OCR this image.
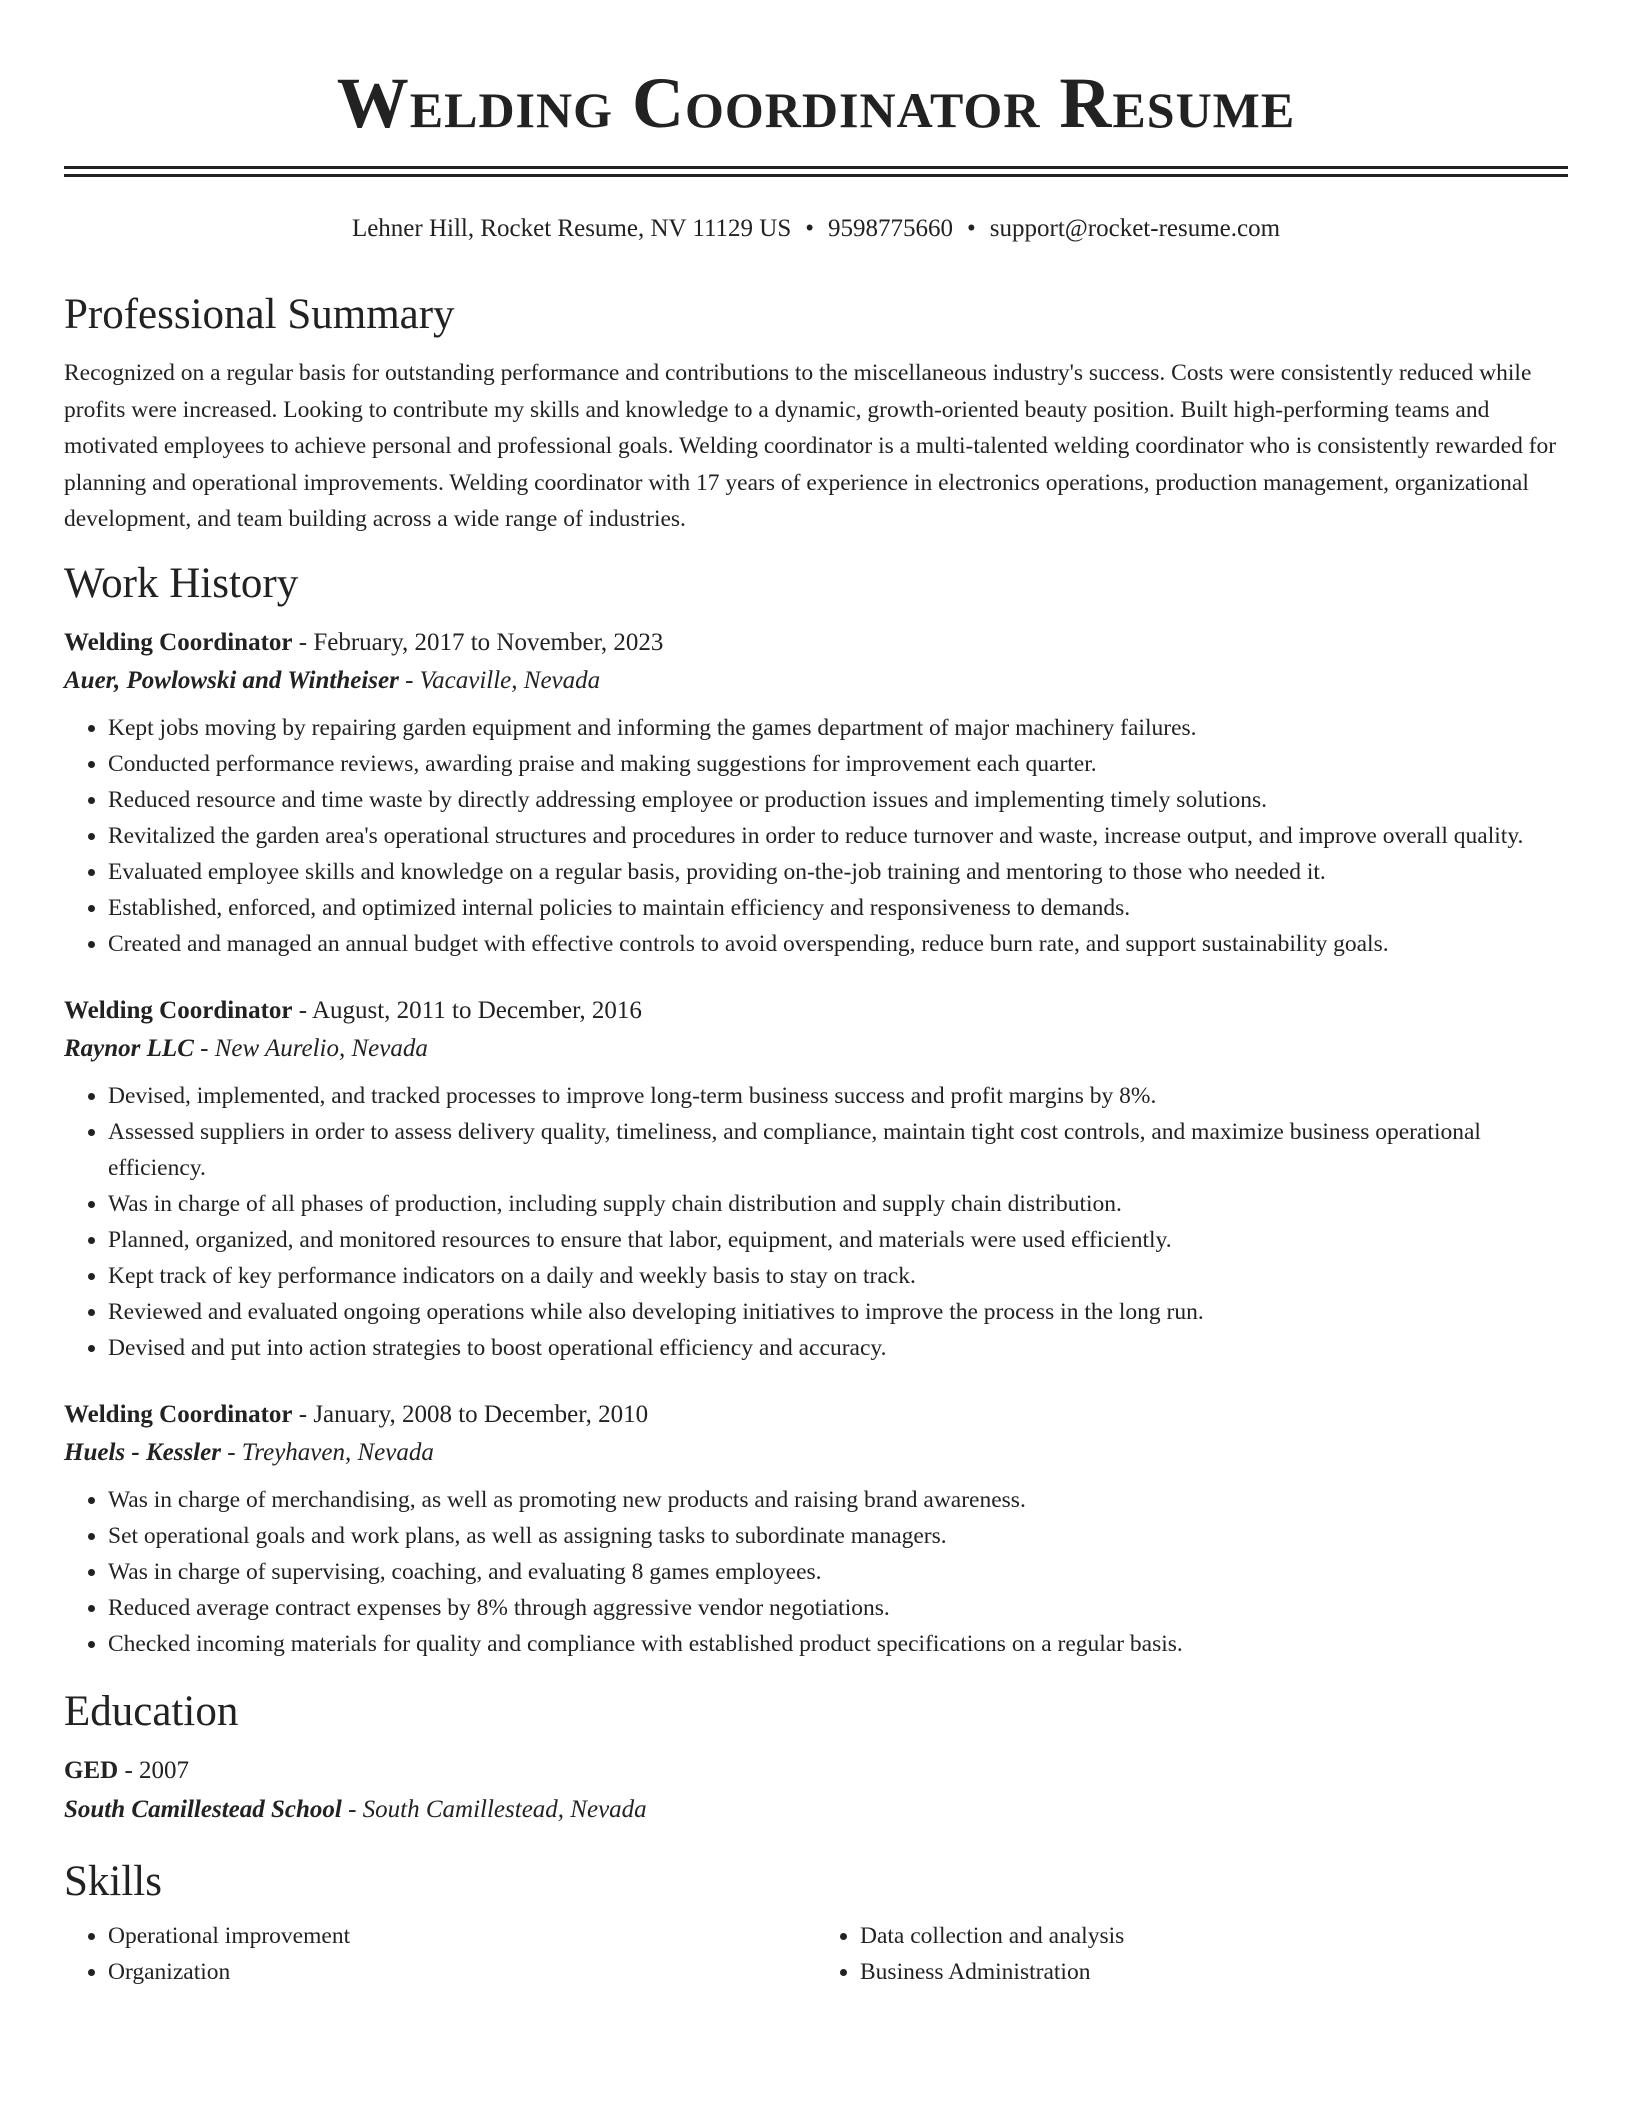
Welding Coordinator Resume
Lehner Hill, Rocket Resume, NV 11129 US • 9598775660 • support@rocket-resume.com
Professional Summary
Recognized on a regular basis for outstanding performance and contributions to the miscellaneous industry's success. Costs were consistently reduced while profits were increased. Looking to contribute my skills and knowledge to a dynamic, growth-oriented beauty position. Built high-performing teams and motivated employees to achieve personal and professional goals. Welding coordinator is a multi-talented welding coordinator who is consistently rewarded for planning and operational improvements. Welding coordinator with 17 years of experience in electronics operations, production management, organizational development, and team building across a wide range of industries.
Work History
Welding Coordinator - February, 2017 to November, 2023
Auer, Powlowski and Wintheiser - Vacaville, Nevada
• Kept jobs moving by repairing garden equipment and informing the games department of major machinery failures.
• Conducted performance reviews, awarding praise and making suggestions for improvement each quarter.
• Reduced resource and time waste by directly addressing employee or production issues and implementing timely solutions.
• Revitalized the garden area's operational structures and procedures in order to reduce turnover and waste, increase output, and improve overall quality.
• Evaluated employee skills and knowledge on a regular basis, providing on-the-job training and mentoring to those who needed it.
• Established, enforced, and optimized internal policies to maintain efficiency and responsiveness to demands.
• Created and managed an annual budget with effective controls to avoid overspending, reduce burn rate, and support sustainability goals.
Welding Coordinator - August, 2011 to December, 2016
Raynor LLC - New Aurelio, Nevada
• Devised, implemented, and tracked processes to improve long-term business success and profit margins by 8%.
• Assessed suppliers in order to assess delivery quality, timeliness, and compliance, maintain tight cost controls, and maximize business operational efficiency.
• Was in charge of all phases of production, including supply chain distribution and supply chain distribution.
• Planned, organized, and monitored resources to ensure that labor, equipment, and materials were used efficiently.
• Kept track of key performance indicators on a daily and weekly basis to stay on track.
• Reviewed and evaluated ongoing operations while also developing initiatives to improve the process in the long run.
• Devised and put into action strategies to boost operational efficiency and accuracy.
Welding Coordinator - January, 2008 to December, 2010
Huels - Kessler - Treyhaven, Nevada
• Was in charge of merchandising, as well as promoting new products and raising brand awareness.
• Set operational goals and work plans, as well as assigning tasks to subordinate managers.
• Was in charge of supervising, coaching, and evaluating 8 games employees.
• Reduced average contract expenses by 8% through aggressive vendor negotiations.
• Checked incoming materials for quality and compliance with established product specifications on a regular basis.
Education
GED - 2007
South Camillestead School - South Camillestead, Nevada
Skills
• Operational improvement
• Organization
• Data collection and analysis
• Business Administration
